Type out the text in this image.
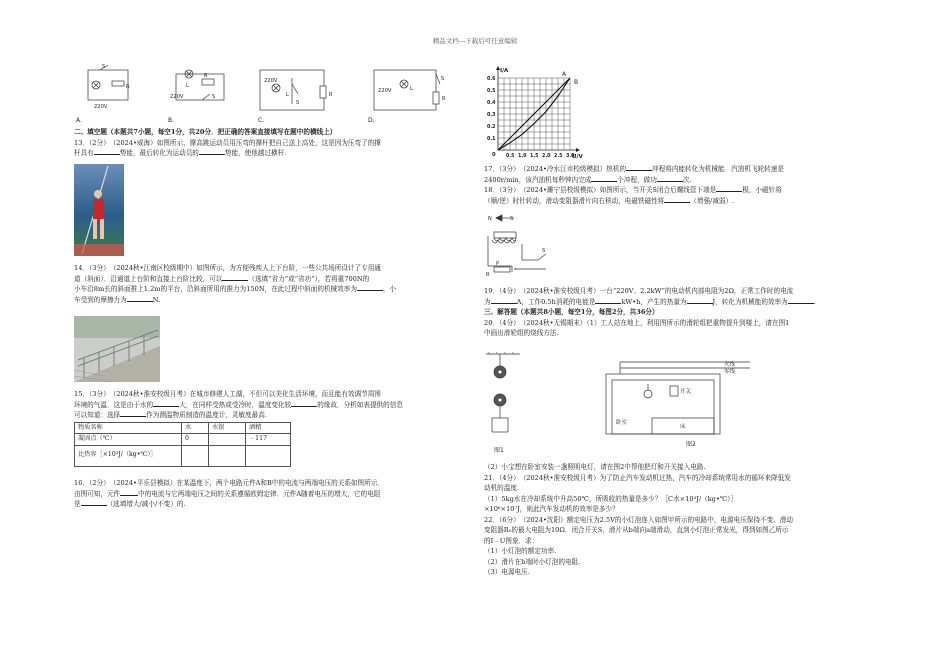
精品文档---下载后可任意编辑
220V
S
R
220V
L
R
S
220V
L
S
R
220V	L
S
R
A.	B.	C.	D.

二、填空题（本题共7小题，每空1分，共20分．把正确的答案直接填写在题中的横线上）

13．（2分）　（2024•威海）如图所示，撑高跳运动员用压弯的撑杆把自己送上高处，这是因为压弯了的撑

杆具有	势能，最后转化为运动员的	势能，使他越过横杆.

14．（3分）　（2024秋•江南区校级期中）如图所示，为方便残疾人上下台阶，一些公共场所设计了专用通

道（斜面）．沿通道上台阶和直接上台阶比较，可以	（选填“省力”或“省功”），若将重700N的

小车沿8m长的斜面推上1.2m的平台，沿斜面所用的推力为150N，在此过程中斜面的机械效率为	，小

车受到的摩擦力为	N.

15．（3分）　（2024秋•淮安校级月考）在城市修建人工湖，不但可以美化生活环境，而且能有效调节周围

环境的气温．这是由于水的	大，在同样受热或受冷时，温度变化较	的缘故．分析如表提供的信息

可以知道：选择	作为测温物质制造的温度计，灵敏度最高.

物质名称	水	水银	酒精
凝固点（℃）	0		﹣117
比热容［×10³J/（kg•℃）］			

16．（2分）　（2024•平乐县模拟）在某温度下，两个电路元件A和B中的电流与两端电压的关系如图所示．

由图可知，元件	中的电流与它两端电压之间的关系遵循欧姆定律．元件A随着电压的增大，它的电阻

是	（选填增大/减小/不变）的.

I/A
U/V
0 0.5 1.0 1.5 2.0 2.5 3.0
0.1
0.2
0.3
0.4
0.5
0.6
A
B

17．（3分）　（2024•冷水江市校级模拟）热机的	冲程将内能转化为机械能．汽油机飞轮转速是

2400r/min，该汽油机每秒钟内完成	个冲程，做功	次.

18．（3分）　（2024•濉宁县校级模拟）如图所示，当开关S闭合后螺线管下端是	极，小磁针将

（顺/逆）时针转动，滑动变阻器滑片向右移动，电磁铁磁性将	（增强/减弱）.

N	S
S
P
R

19．（4分）　（2024秋•淮安校级月考）一台“220V、2.2kW”的电动机内部电阻为2Ω，正常工作时的电流

为	A，工作0.5h消耗的电能是	kW•h，产生的热量为	J，转化为机械能的效率为	.

三、解答题（本题共8小题，每空1分，每图2分，共36分）

20．（4分）　（2024秋•无锡期末）（1）工人站在地上，利用图所示的滑轮组把重物提升到楼上，请在图1

中画出滑轮组的绕线方法.

图1
火线
零线
开关
卧室
床
图2

（2）小宝想在卧室安装一盏照明电灯，请在图2中帮他把灯和开关接入电路.

21．（4分）　（2024秋•淮安校级月考）为了防止汽车发动机过热，汽车的冷却系统常用水的循环来降低发

动机的温度.

（1）5kg水在冷却系统中升高50℃，所吸收的热量是多少？［C水×10³J/（kg•℃）］

×10⁶×10⁷J，则此汽车发动机的效率是多少？

22．（6分）　（2024•沈阳）额定电压为2.5V的小灯泡连入如图甲所示的电路中，电源电压保持不变，滑动

变阻器R₀的最大电阻为10Ω．闭合开关S，滑片从b端向a端滑动，直到小灯泡正常发光，得到如图乙所示

的I﹣U图象．求：

（1）小灯泡的额定功率.

（2）滑片在b端时小灯泡的电阻.

（3）电源电压.
